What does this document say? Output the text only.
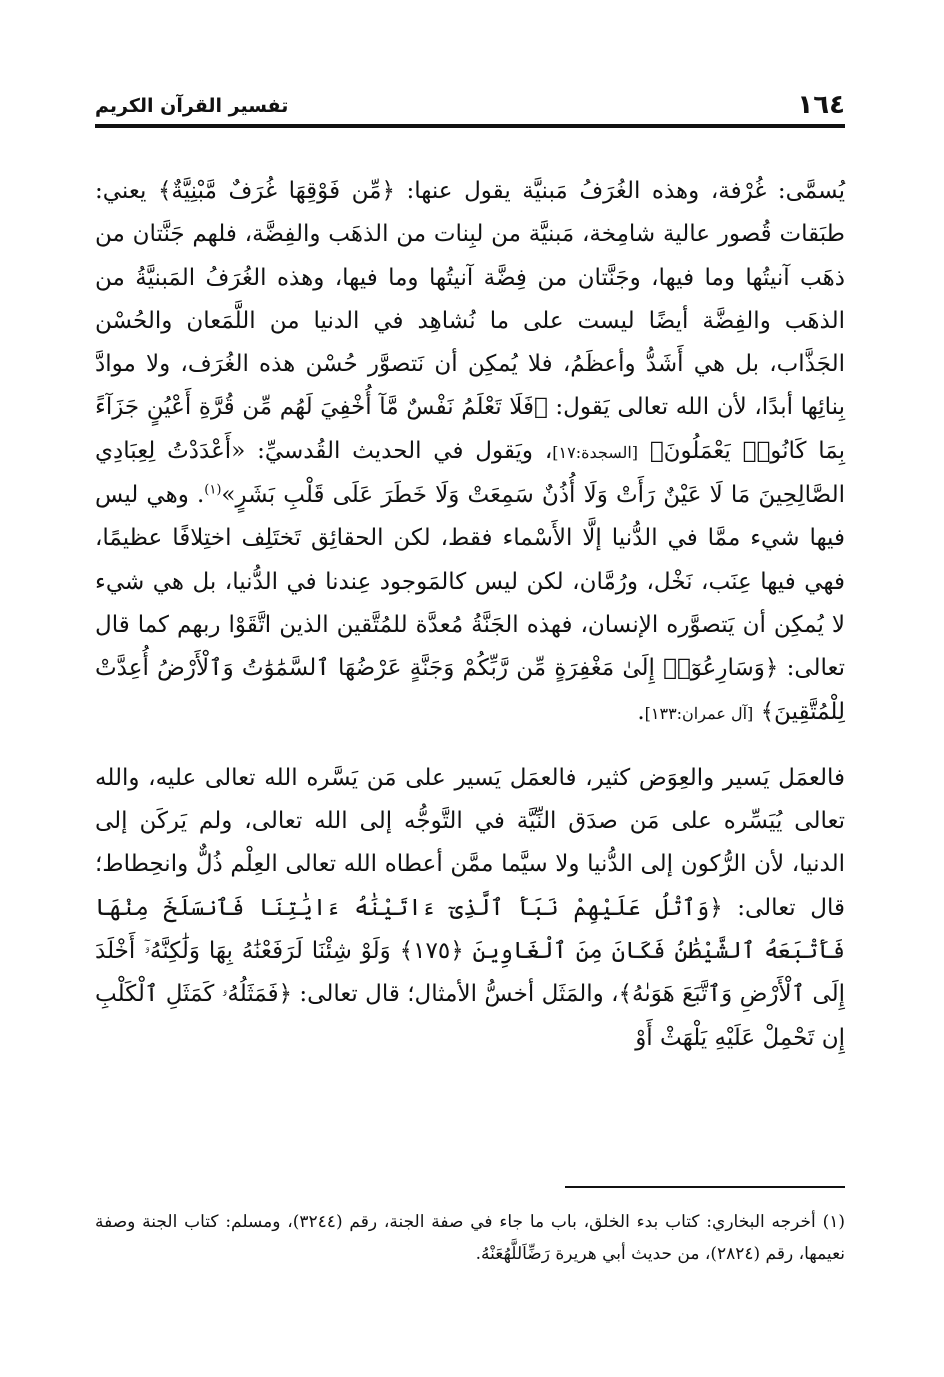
١٦٤
تفسير القرآن الكريم

يُسمَّى: غُرْفة، وهذه الغُرَفُ مَبنيَّة يقول عنها: ﴿مِّن فَوْقِهَا غُرَفٌ مَّبْنِيَّةٌ﴾ يعني: طبَقات قُصور عالية شامِخة، مَبنيَّة من لبِنات من الذهَب والفِضَّة، فلهم جَنَّتان من ذهَب آنيتُها وما فيها، وجَنَّتان من فِضَّة آنيتُها وما فيها، وهذه الغُرَفُ المَبنيَّةُ من الذهَب والفِضَّة أيضًا ليست على ما نُشاهِد في الدنيا من اللَّمَعان والحُسْن الجَذَّاب، بل هي أَشَدُّ وأعظَمُ، فلا يُمكِن أن نَتصوَّر حُسْن هذه الغُرَف، ولا موادَّ بِنائِها أبدًا، لأن الله تعالى يَقول: ﴿فَلَا تَعْلَمُ نَفْسٌ مَّآ أُخْفِيَ لَهُم مِّن قُرَّةِ أَعْيُنٍ جَزَآءً بِمَا كَانُوا۟ يَعْمَلُونَ﴾ [السجدة:١٧]، ويَقول في الحديث القُدسيِّ: «أَعْدَدْتُ لِعِبَادِي الصَّالِحِينَ مَا لَا عَيْنٌ رَأَتْ وَلَا أُذُنٌ سَمِعَتْ وَلَا خَطَرَ عَلَى قَلْبِ بَشَرٍ»$^{(١)}$. وهي ليس فيها شيء ممَّا في الدُّنيا إلَّا الأَسْماء فقط، لكن الحقائِق تَختَلِف اختِلافًا عظيمًا، فهي فيها عِنَب، نَخْل، ورُمَّان، لكن ليس كالمَوجود عِندنا في الدُّنيا، بل هي شيء لا يُمكِن أن يَتصوَّره الإنسان، فهذه الجَنَّةُ مُعدَّة للمُتَّقين الذين اتَّقَوْا ربهم كما قال تعالى: ﴿وَسَارِعُوٓا۟ إِلَىٰ مَغْفِرَةٍ مِّن رَّبِّكُمْ وَجَنَّةٍ عَرْضُهَا ٱلسَّمَٰوَٰتُ وَٱلْأَرْضُ أُعِدَّتْ لِلْمُتَّقِينَ﴾ [آل عمران:١٣٣].

فالعمَل يَسير والعِوَض كثير، فالعمَل يَسير على مَن يَسَّره الله تعالى عليه، والله تعالى يُيَسِّره على مَن صدَق النِّيَّة في التَّوجُّه إلى الله تعالى، ولم يَركَن إلى الدنيا، لأن الرُّكون إلى الدُّنيا ولا سيَّما ممَّن أعطاه الله تعالى العِلْم ذُلٌّ وانحِطاط؛ قال تعالى: ﴿وَٱتْلُ عَلَيْهِمْ نَبَأَ ٱلَّذِىٓ ءَاتَيْنَٰهُ ءَايَٰتِنَا فَٱنسَلَخَ مِنْهَا فَأَتْبَعَهُ ٱلشَّيْطَٰنُ فَكَانَ مِنَ ٱلْغَاوِينَ ﴿١٧٥﴾ وَلَوْ شِئْنَا لَرَفَعْنَٰهُ بِهَا وَلَٰكِنَّهُۥٓ أَخْلَدَ إِلَى ٱلْأَرْضِ وَٱتَّبَعَ هَوَىٰهُ﴾، والمَثَل أخسُّ الأمثال؛ قال تعالى: ﴿فَمَثَلُهُۥ كَمَثَلِ ٱلْكَلْبِ إِن تَحْمِلْ عَلَيْهِ يَلْهَثْ أَوْ

(١) أخرجه البخاري: كتاب بدء الخلق، باب ما جاء في صفة الجنة، رقم (٣٢٤٤)، ومسلم: كتاب الجنة وصفة نعيمها، رقم (٢٨٢٤)، من حديث أبي هريرة رَضِّاَللَّهُعَنْهُ.
